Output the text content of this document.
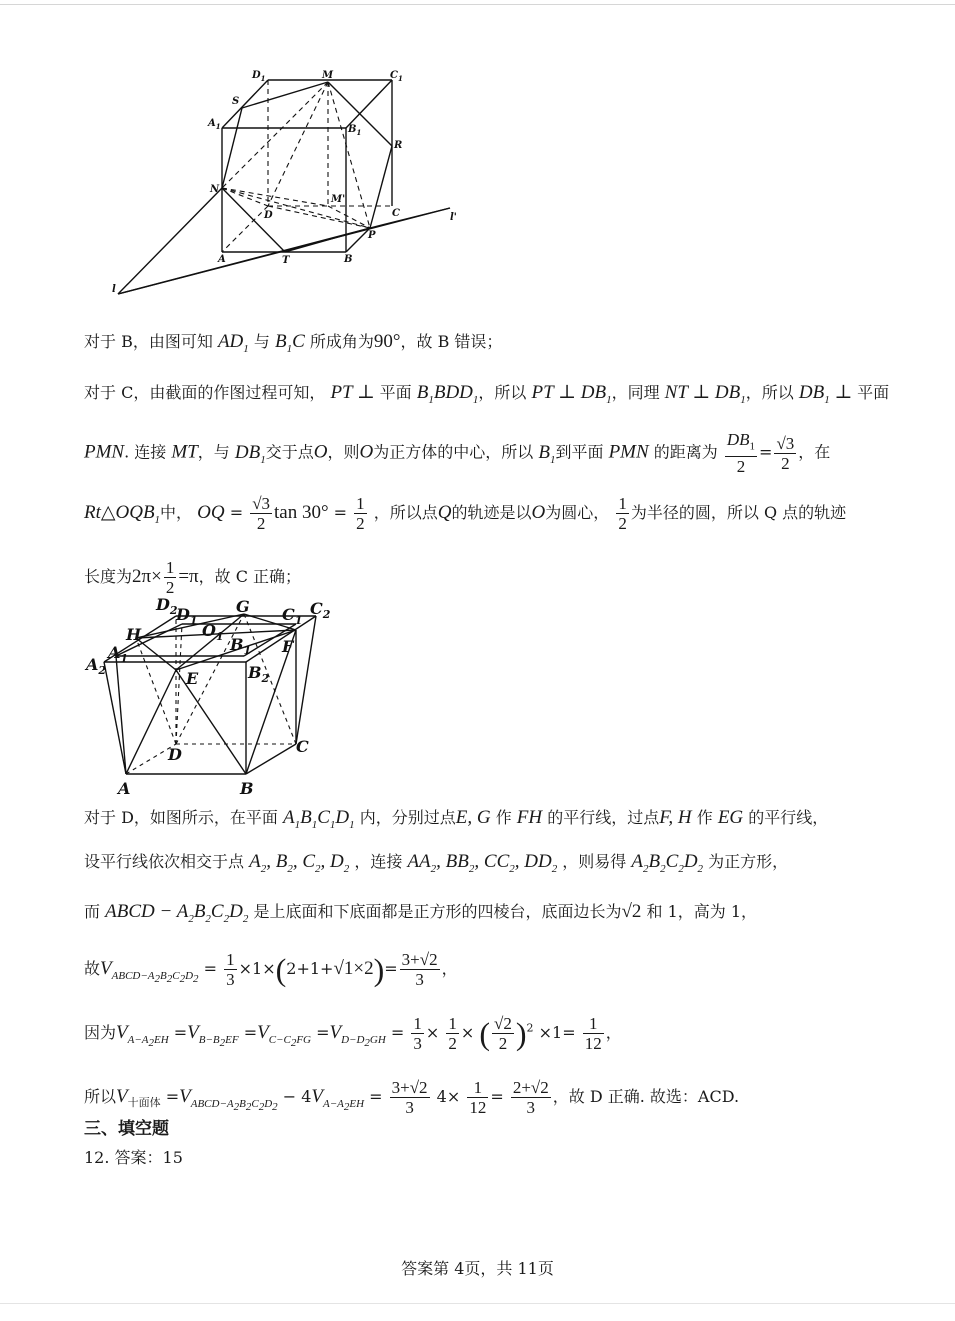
$D_1$	M	$C_1$
S
$A_1$	$B_1$
R
N
D
M'
C	l'
P
A	T	B
l
对于 B，由图可知 $AD_1$ 与 $B_1C$ 所成角为90°，故 B 错误；
对于 C，由截面的作图过程可知， PT ⊥ 平面 $B_1BDD_1$，所以 PT ⊥ $DB_1$，同理 NT ⊥ $DB_1$，所以 $DB_1$ ⊥ 平面
PMN. 连接 MT，与 $DB_1$交于点O，则O为正方体的中心，所以 $B_1$到平面 PMN 的距离为 $\frac{DB_1}{2} = \frac{√3}{2}$ ，在
$Rt\triangle OQB_1$中， OQ = $\frac{√3}{2}$ $\tan 30^\circ = \frac{1}{2}$ ，所以点Q的轨迹是以O为圆心， $\frac{1}{2}$ 为半径的圆，所以 Q 点的轨迹
长度为$2\pi\times \frac{1}{2} =\pi$，故 C 正确；
$D_2$
$D_1$
G $C_1$
$C_2$
H	$O_1$
$A_1$
$B_1$ F
$A_2$	E	$B_2$
C
D
A	B
对于 D，如图所示，在平面 $A_1B_1C_1D_1$ 内，分别过点E, G 作 FH 的平行线，过点F, H 作 EG 的平行线，
设平行线依次相交于点 $A_2$, $B_2$, $C_2$, $D_2$ ，连接 $AA_2$, $BB_2$, $CC_2$, $DD_2$ ，则易得 $A_2B_2C_2D_2$ 为正方形，
而 ABCD − $A_2B_2C_2D_2$ 是上底面和下底面都是正方形的四棱台，底面边长为√2 和 1，高为 1，
故$V_{ABCD-A_2B_2C_2D_2} = \frac{1}{3} \times 1\times(2+1+√1\times 2)= \frac{3+√2}{3}$ ，
因为$V_{A-A_2EH} =V_{B-B_2EF} =V_{C-C_2FG} =V_{D-D_2GH} = \frac{1}{3} \times \frac{1}{2}$ × ( $\frac{√2}{2} )^2 \times 1= \frac{1}{12}$ ，
所以$V_{十面体} =V_{ABCD-A_2B_2C_2D_2} - 4V_{A-A_2EH} = \frac{3+√2}{3} 4\times \frac{1}{12} = \frac{2+√2}{3}$ ，故 D 正确. 故选：ACD.
三、填空题
12. 答案：15
答案第 4页，共 11页
